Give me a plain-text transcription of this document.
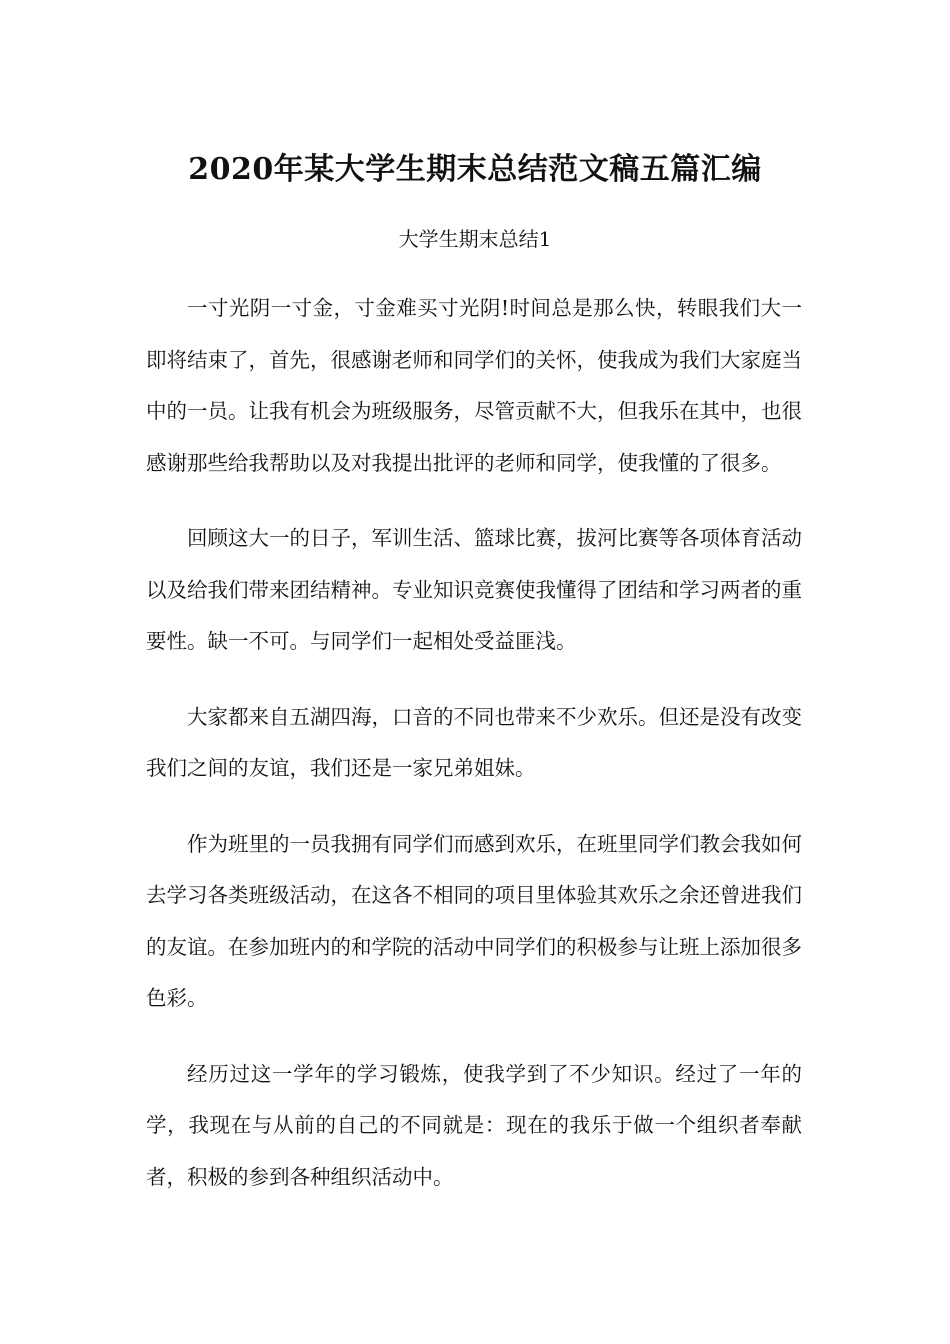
2020年某大学生期末总结范文稿五篇汇编
大学生期末总结1

一寸光阴一寸金，寸金难买寸光阴!时间总是那么快，转眼我们大一即将结束了，首先，很感谢老师和同学们的关怀，使我成为我们大家庭当中的一员。让我有机会为班级服务，尽管贡献不大，但我乐在其中，也很感谢那些给我帮助以及对我提出批评的老师和同学，使我懂的了很多。

回顾这大一的日子，军训生活、篮球比赛，拔河比赛等各项体育活动以及给我们带来团结精神。专业知识竞赛使我懂得了团结和学习两者的重要性。缺一不可。与同学们一起相处受益匪浅。

大家都来自五湖四海，口音的不同也带来不少欢乐。但还是没有改变我们之间的友谊，我们还是一家兄弟姐妹。

作为班里的一员我拥有同学们而感到欢乐，在班里同学们教会我如何去学习各类班级活动，在这各不相同的项目里体验其欢乐之余还曾进我们的友谊。在参加班内的和学院的活动中同学们的积极参与让班上添加很多色彩。

经历过这一学年的学习锻炼，使我学到了不少知识。经过了一年的学，我现在与从前的自己的不同就是：现在的我乐于做一个组织者奉献者，积极的参到各种组织活动中。
